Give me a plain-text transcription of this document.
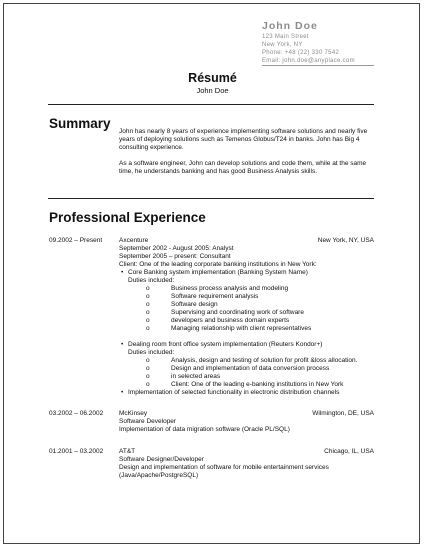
John Doe
123 Main Street
New York, NY
Phone: +48 (22) 330 7542
Email: john.doe@anyplace.com
Résumé
John Doe
Summary

John has nearly 8 years of experience implementing software solutions and nearly five years of deploying solutions such as Temenos Globus/T24 in banks. John has Big 4 consulting experience.

As a software engineer, John can develop solutions and code them, while at the same time, he understands banking and has good Business Analysis skills.

Professional Experience
09.2002 – Present	Axcenture	New York, NY, USA
September 2002 - August 2005: Analyst
September 2005 – present: Consultant
Client: One of the leading corporate banking institutions in New York:
• Core Banking system implementation (Banking System Name)
Duties included:
o	Business process analysis and modeling
o	Software requirement analysis
o	Software design
o	Supervising and coordinating work of software
o	developers and business domain experts
o	Managing relationship with client representatives
• Dealing room front office system implementation (Reuters Kondor+)
Duties included:
o	Analysis, design and testing of solution for profit &loss allocation.
o	Design and implementation of data conversion process
o	in selected areas
o	Client: One of the leading e-banking institutions in New York
• Implementation of selected functionality in electronic distribution channels
03.2002 – 06.2002 McKinsey	Wilmington, DE, USA
Software Developer
Implementation of data migration software (Oracle PL/SQL)
01.2001 – 03.2002 AT&T	Chicago, IL, USA
Software Designer/Developer
Design and implementation of software for mobile entertainment services
(Java/Apache/PostgreSQL)
